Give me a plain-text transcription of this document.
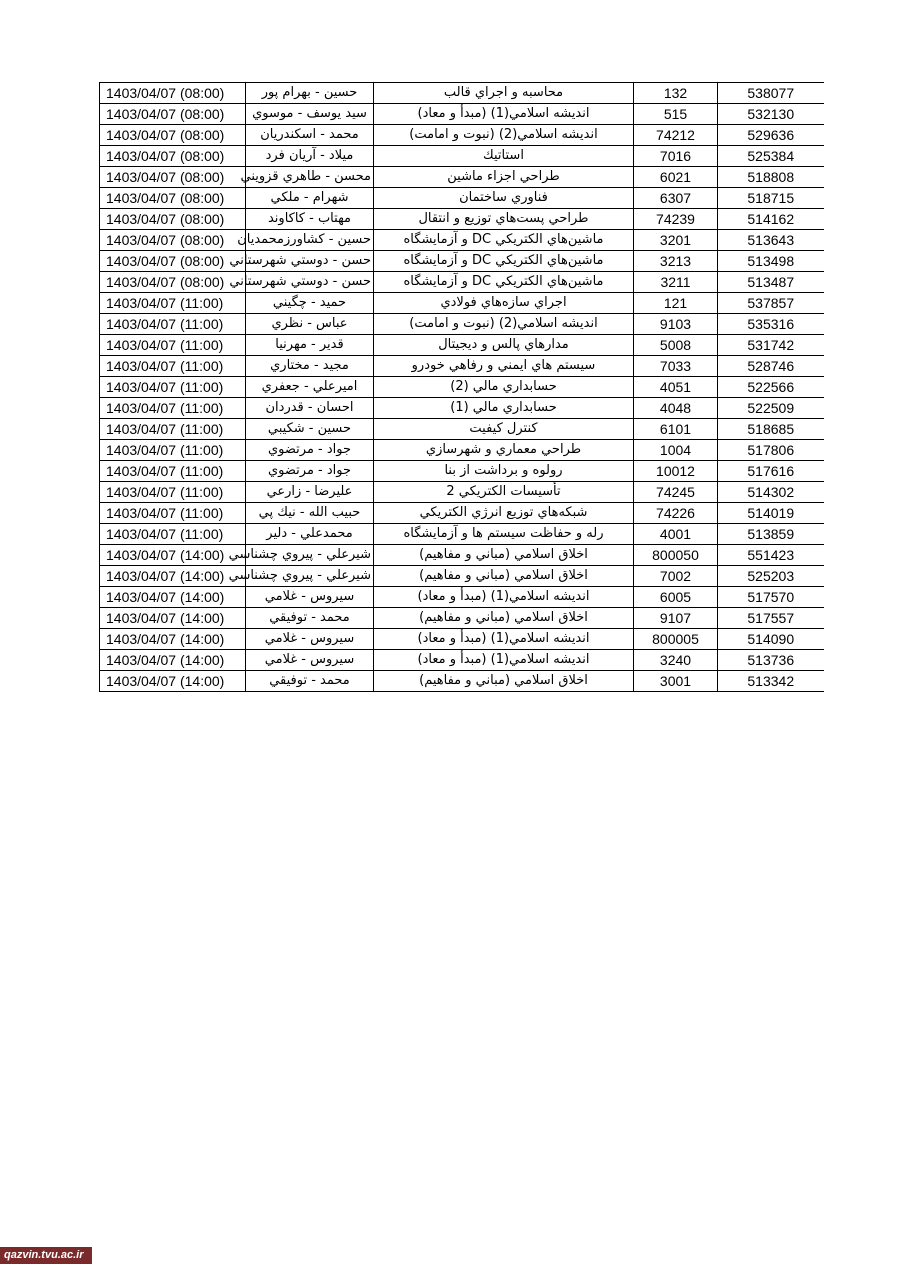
1403/04/07 (08:00)	حسين - بهرام پور	محاسبه و اجراي قالب	132	538077
1403/04/07 (08:00)	سيد يوسف - موسوي	انديشه اسلامي(1) (مبدأ و معاد)	515	532130
1403/04/07 (08:00)	محمد - اسكندريان	انديشه اسلامي(2) (نبوت و امامت)	74212	529636
1403/04/07 (08:00)	ميلاد - آريان فرد	استاتيك	7016	525384
1403/04/07 (08:00)	محسن - طاهري قزويني	طراحي اجزاء ماشين	6021	518808
1403/04/07 (08:00)	شهرام - ملكي	فناوري ساختمان	6307	518715
1403/04/07 (08:00)	مهتاب - كاكاوند	طراحي پست‌هاي توزيع و انتقال	74239	514162
1403/04/07 (08:00)	حسين - كشاورزمحمديان	ماشين‌هاي الكتريكي DC و آزمايشگاه	3201	513643
1403/04/07 (08:00)	حسن - دوستي شهرستاني	ماشين‌هاي الكتريكي DC و آزمايشگاه	3213	513498
1403/04/07 (08:00)	حسن - دوستي شهرستاني	ماشين‌هاي الكتريكي DC و آزمايشگاه	3211	513487
1403/04/07 (11:00)	حميد - چگيني	اجراي سازه‌هاي فولادي	121	537857
1403/04/07 (11:00)	عباس - نظري	انديشه اسلامي(2) (نبوت و امامت)	9103	535316
1403/04/07 (11:00)	قدير - مهرنيا	مدارهاي پالس و ديجيتال	5008	531742
1403/04/07 (11:00)	مجيد - مختاري	سيستم هاي ايمني و رفاهي خودرو	7033	528746
1403/04/07 (11:00)	اميرعلي - جعفري	حسابداري مالي (2)	4051	522566
1403/04/07 (11:00)	احسان - قدردان	حسابداري مالي (1)	4048	522509
1403/04/07 (11:00)	حسين - شكيبي	كنترل كيفيت	6101	518685
1403/04/07 (11:00)	جواد - مرتضوي	طراحي معماري و شهرسازي	1004	517806
1403/04/07 (11:00)	جواد - مرتضوي	رولوه و برداشت از بنا	10012	517616
1403/04/07 (11:00)	عليرضا - زارعي	تأسيسات الكتريكي 2	74245	514302
1403/04/07 (11:00)	حبيب الله - نيك پي	شبكه‌هاي توزيع انرژي الكتريكي	74226	514019
1403/04/07 (11:00)	محمدعلي - دلير	رله و حفاظت سيستم ها و آزمايشگاه	4001	513859
1403/04/07 (14:00)	شيرعلي - پيروي چشناسي	اخلاق اسلامي (مباني و مفاهيم)	800050	551423
1403/04/07 (14:00)	شيرعلي - پيروي چشناسي	اخلاق اسلامي (مباني و مفاهيم)	7002	525203
1403/04/07 (14:00)	سيروس - غلامي	انديشه اسلامي(1) (مبدأ و معاد)	6005	517570
1403/04/07 (14:00)	محمد - توفيقي	اخلاق اسلامي (مباني و مفاهيم)	9107	517557
1403/04/07 (14:00)	سيروس - غلامي	انديشه اسلامي(1) (مبدأ و معاد)	800005	514090
1403/04/07 (14:00)	سيروس - غلامي	انديشه اسلامي(1) (مبدأ و معاد)	3240	513736
1403/04/07 (14:00)	محمد - توفيقي	اخلاق اسلامي (مباني و مفاهيم)	3001	513342
qazvin.tvu.ac.ir
